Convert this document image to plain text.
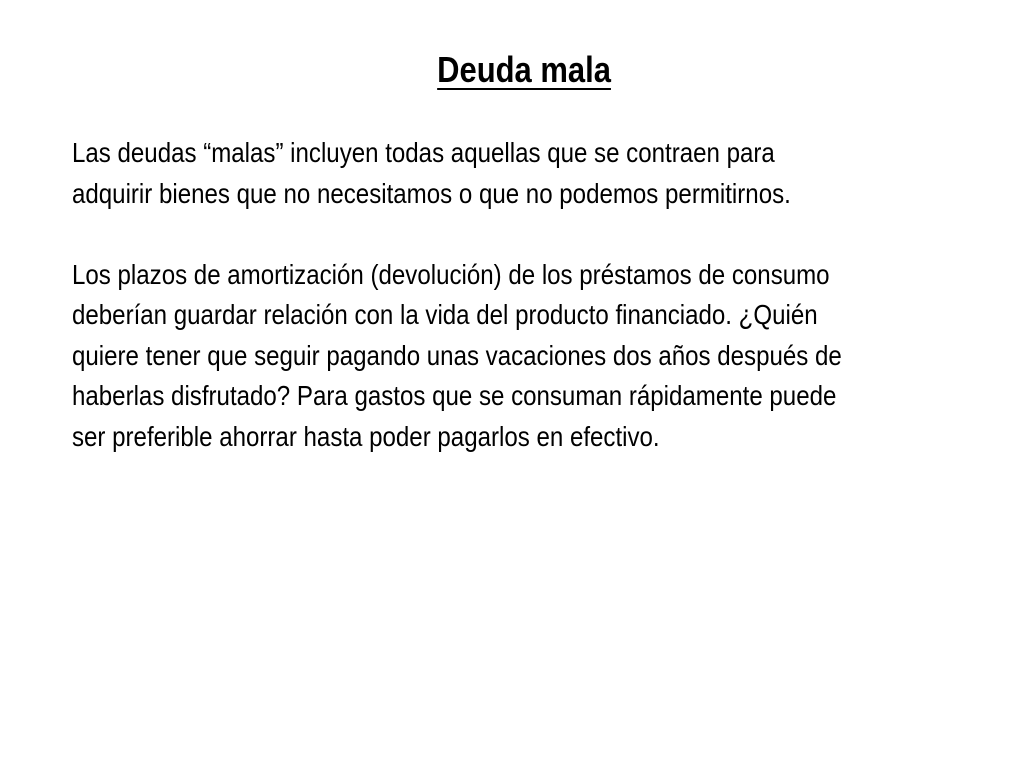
Deuda mala
Las deudas “malas” incluyen todas aquellas que se contraen para
adquirir bienes que no necesitamos o que no podemos permitirnos.
Los plazos de amortización (devolución) de los préstamos de consumo
deberían guardar relación con la vida del producto financiado. ¿Quién
quiere tener que seguir pagando unas vacaciones dos años después de
haberlas disfrutado? Para gastos que se consuman rápidamente puede
ser preferible ahorrar hasta poder pagarlos en efectivo.
